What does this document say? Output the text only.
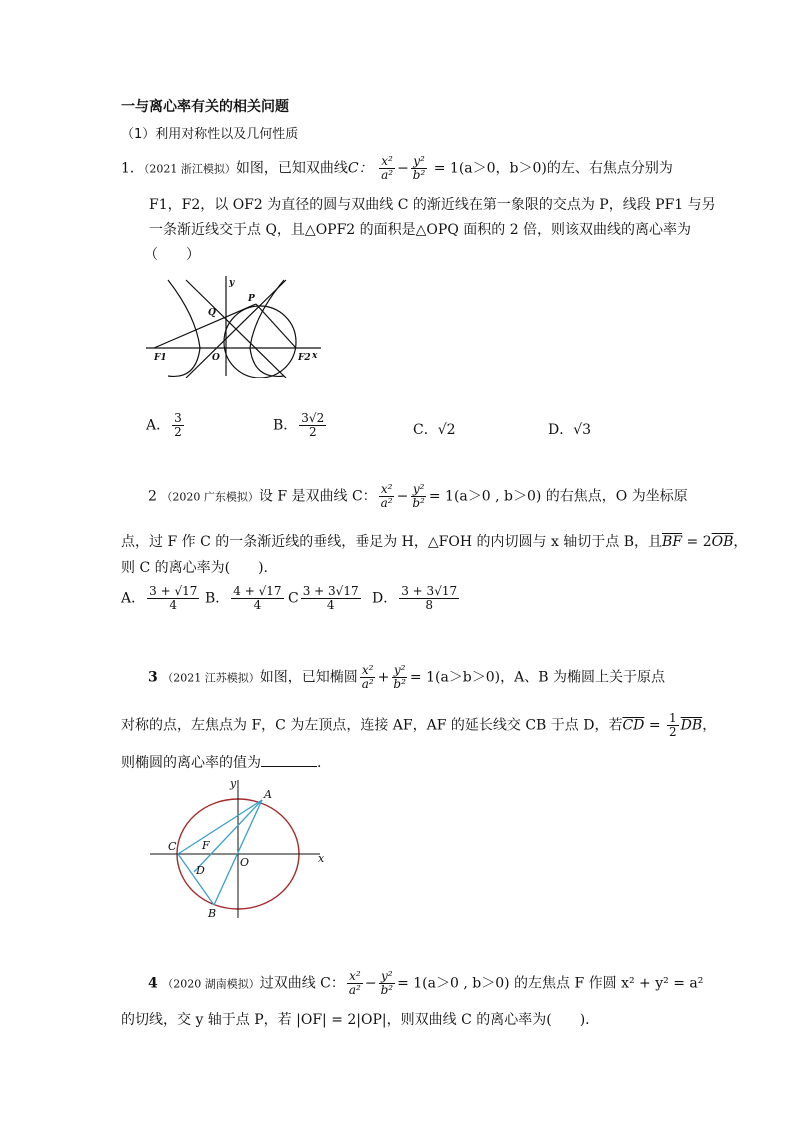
一与离心率有关的相关问题
（1）利用对称性以及几何性质
1．（2021 浙江模拟）如图，已知双曲线C： $\frac{\text{x²}}{\text{a²}} - \frac{\text{y²}}{\text{b²}} = 1(a>0$，b＞0)的左、右焦点分别为
F1，F2，以 OF2 为直径的圆与双曲线 C 的渐近线在第一象限的交点为 P，线段 PF1 与另
一条渐近线交于点 Q，且△OPF2 的面积是△OPQ 面积的 2 倍，则该双曲线的离心率为
（　　）
y
P
Q
O
F1	F2 x
A． $\frac{3}{2}$	B． $\frac{3√2}{2}$	C．√2	D．√3
2 （2020 广东模拟）设 F 是双曲线 C： $\frac{\text{x²}}{\text{a²}} - \frac{\text{y²}}{\text{b²}} = 1(a>0$ , b＞0) 的右焦点，O 为坐标原
点，过 F 作 C 的一条渐近线的垂线，垂足为 H，△FOH 的内切圆与 x 轴切于点 B，且$\overline{BF} = 2\overline{OB}$，
则 C 的离心率为(　　).
A． $\frac{3 + √17}{4}$ B． $\frac{4 + √17}{4}$ C $\frac{3 + 3√17}{4}$ D． $\frac{3 + 3√17}{8}$
3 （2021 江苏模拟）如图，已知椭圆 $\frac{\text{x²}}{\text{a²}} + \frac{\text{y²}}{\text{b²}} = 1(a>b>0)$，A、B 为椭圆上关于原点
对称的点，左焦点为 F，C 为左顶点，连接 AF，AF 的延长线交 CB 于点 D，若$\overline{CD} = \frac{1}{2} \overline{DB}$，
则椭圆的离心率的值为	.
y
A
C F
O
D
B
x
4 （2020 湖南模拟）过双曲线 C： $\frac{\text{x²}}{\text{a²}} - \frac{\text{y²}}{\text{b²}} = 1(a>0$ , b＞0) 的左焦点 F 作圆 x² + y² = a²
的切线，交 y 轴于点 P，若 |OF| = 2|OP|，则双曲线 C 的离心率为(　　).
